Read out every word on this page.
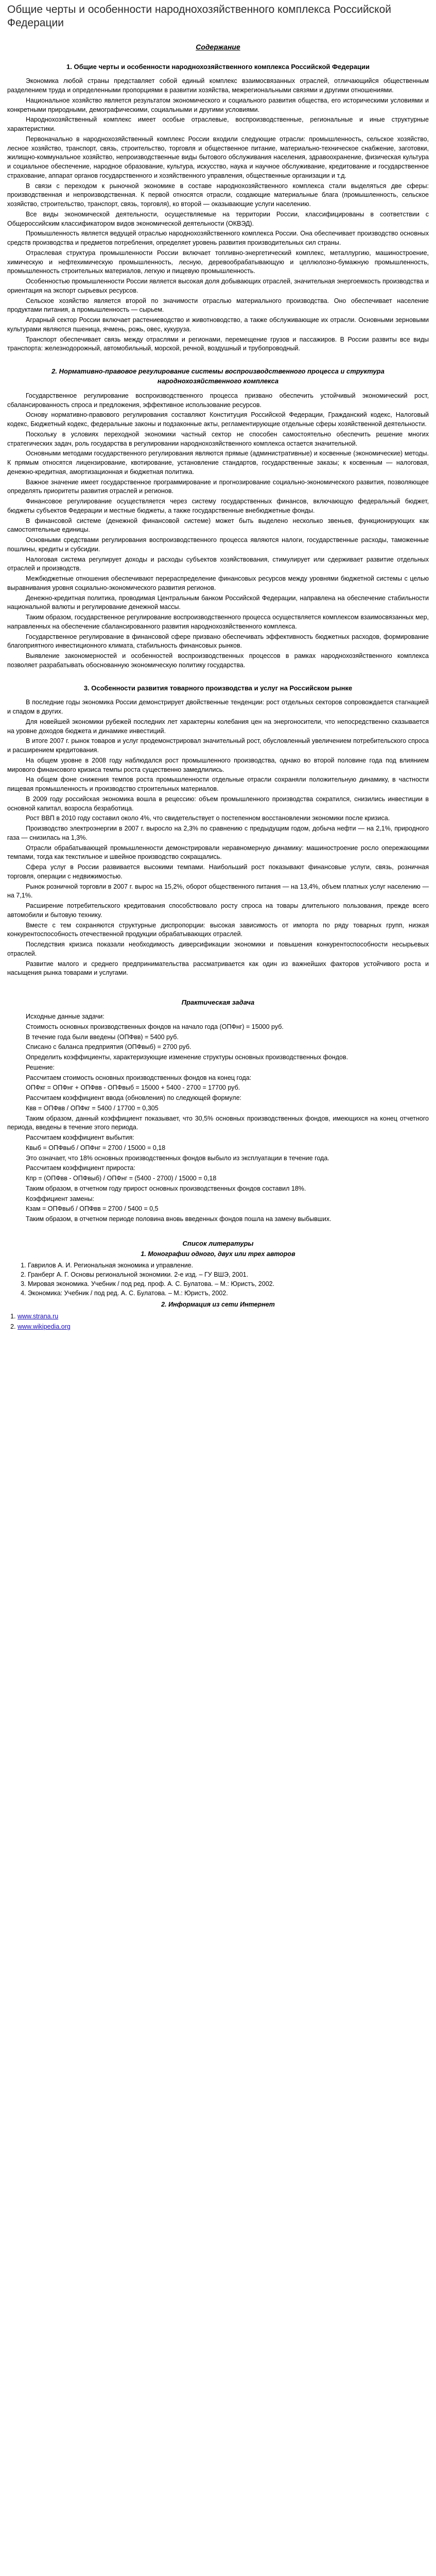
Общие черты и особенности народнохозяйственного комплекса Российской Федерации
Содержание
1. Общие черты и особенности народнохозяйственного комплекса Российской Федерации

Экономика любой страны представляет собой единый комплекс взаимосвязанных отраслей, отличающийся общественным разделением труда и определенными пропорциями в развитии хозяйства, межрегиональными связями и другими отношениями.

Национальное хозяйство является результатом экономического и социального развития общества, его историческими условиями и конкретными природными, демографическими, социальными и другими условиями.

Народнохозяйственный комплекс имеет особые отраслевые, воспроизводственные, региональные и иные структурные характеристики.

Первоначально в народнохозяйственный комплекс России входили следующие отрасли: промышленность, сельское хозяйство, лесное хозяйство, транспорт, связь, строительство, торговля и общественное питание, материально-техническое снабжение, заготовки, жилищно-коммунальное хозяйство, непроизводственные виды бытового обслуживания населения, здравоохранение, физическая культура и социальное обеспечение, народное образование, культура, искусство, наука и научное обслуживание, кредитование и государственное страхование, аппарат органов государственного и хозяйственного управления, общественные организации и т.д.

В связи с переходом к рыночной экономике в составе народнохозяйственного комплекса стали выделяться две сферы: производственная и непроизводственная. К первой относятся отрасли, создающие материальные блага (промышленность, сельское хозяйство, строительство, транспорт, связь, торговля), ко второй — оказывающие услуги населению.

Все виды экономической деятельности, осуществляемые на территории России, классифицированы в соответствии с Общероссийским классификатором видов экономической деятельности (ОКВЭД).

Промышленность является ведущей отраслью народнохозяйственного комплекса России. Она обеспечивает производство основных средств производства и предметов потребления, определяет уровень развития производительных сил страны.

Отраслевая структура промышленности России включает топливно-энергетический комплекс, металлургию, машиностроение, химическую и нефтехимическую промышленность, лесную, деревообрабатывающую и целлюлозно-бумажную промышленность, промышленность строительных материалов, легкую и пищевую промышленность.

Особенностью промышленности России является высокая доля добывающих отраслей, значительная энергоемкость производства и ориентация на экспорт сырьевых ресурсов.

Сельское хозяйство является второй по значимости отраслью материального производства. Оно обеспечивает население продуктами питания, а промышленность — сырьем.

Аграрный сектор России включает растениеводство и животноводство, а также обслуживающие их отрасли. Основными зерновыми культурами являются пшеница, ячмень, рожь, овес, кукуруза.

Транспорт обеспечивает связь между отраслями и регионами, перемещение грузов и пассажиров. В России развиты все виды транспорта: железнодорожный, автомобильный, морской, речной, воздушный и трубопроводный.

2. Нормативно-правовое регулирование системы воспроизводственного процесса и структура народнохозяйственного комплекса

Государственное регулирование воспроизводственного процесса призвано обеспечить устойчивый экономический рост, сбалансированность спроса и предложения, эффективное использование ресурсов.

Основу нормативно-правового регулирования составляют Конституция Российской Федерации, Гражданский кодекс, Налоговый кодекс, Бюджетный кодекс, федеральные законы и подзаконные акты, регламентирующие отдельные сферы хозяйственной деятельности.

Поскольку в условиях переходной экономики частный сектор не способен самостоятельно обеспечить решение многих стратегических задач, роль государства в регулировании народнохозяйственного комплекса остается значительной.

Основными методами государственного регулирования являются прямые (административные) и косвенные (экономические) методы. К прямым относятся лицензирование, квотирование, установление стандартов, государственные заказы; к косвенным — налоговая, денежно-кредитная, амортизационная и бюджетная политика.

Важное значение имеет государственное программирование и прогнозирование социально-экономического развития, позволяющее определять приоритеты развития отраслей и регионов.

Финансовое регулирование осуществляется через систему государственных финансов, включающую федеральный бюджет, бюджеты субъектов Федерации и местные бюджеты, а также государственные внебюджетные фонды.

В финансовой системе (денежной финансовой системе) может быть выделено несколько звеньев, функционирующих как самостоятельные единицы.

Основными средствами регулирования воспроизводственного процесса являются налоги, государственные расходы, таможенные пошлины, кредиты и субсидии.

Налоговая система регулирует доходы и расходы субъектов хозяйствования, стимулирует или сдерживает развитие отдельных отраслей и производств.

Межбюджетные отношения обеспечивают перераспределение финансовых ресурсов между уровнями бюджетной системы с целью выравнивания уровня социально-экономического развития регионов.

Денежно-кредитная политика, проводимая Центральным банком Российской Федерации, направлена на обеспечение стабильности национальной валюты и регулирование денежной массы.

Таким образом, государственное регулирование воспроизводственного процесса осуществляется комплексом взаимосвязанных мер, направленных на обеспечение сбалансированного развития народнохозяйственного комплекса.

Государственное регулирование в финансовой сфере призвано обеспечивать эффективность бюджетных расходов, формирование благоприятного инвестиционного климата, стабильность финансовых рынков.

Выявление закономерностей и особенностей воспроизводственных процессов в рамках народнохозяйственного комплекса позволяет разрабатывать обоснованную экономическую политику государства.

3. Особенности развития товарного производства и услуг на Российском рынке

В последние годы экономика России демонстрирует двойственные тенденции: рост отдельных секторов сопровождается стагнацией и спадом в других.

Для новейшей экономики рубежей последних лет характерны колебания цен на энергоносители, что непосредственно сказывается на уровне доходов бюджета и динамике инвестиций.

В итоге 2007 г. рынок товаров и услуг продемонстрировал значительный рост, обусловленный увеличением потребительского спроса и расширением кредитования.

На общем уровне в 2008 году наблюдался рост промышленного производства, однако во второй половине года под влиянием мирового финансового кризиса темпы роста существенно замедлились.

На общем фоне снижения темпов роста промышленности отдельные отрасли сохраняли положительную динамику, в частности пищевая промышленность и производство строительных материалов.

В 2009 году российская экономика вошла в рецессию: объем промышленного производства сократился, снизились инвестиции в основной капитал, возросла безработица.

Рост ВВП в 2010 году составил около 4%, что свидетельствует о постепенном восстановлении экономики после кризиса.

Производство электроэнергии в 2007 г. выросло на 2,3% по сравнению с предыдущим годом, добыча нефти — на 2,1%, природного газа — снизилась на 1,3%.

Отрасли обрабатывающей промышленности демонстрировали неравномерную динамику: машиностроение росло опережающими темпами, тогда как текстильное и швейное производство сокращались.

Сфера услуг в России развивается высокими темпами. Наибольший рост показывают финансовые услуги, связь, розничная торговля, операции с недвижимостью.

Рынок розничной торговли в 2007 г. вырос на 15,2%, оборот общественного питания — на 13,4%, объем платных услуг населению — на 7,1%.

Расширение потребительского кредитования способствовало росту спроса на товары длительного пользования, прежде всего автомобили и бытовую технику.

Вместе с тем сохраняются структурные диспропорции: высокая зависимость от импорта по ряду товарных групп, низкая конкурентоспособность отечественной продукции обрабатывающих отраслей.

Последствия кризиса показали необходимость диверсификации экономики и повышения конкурентоспособности несырьевых отраслей.

Развитие малого и среднего предпринимательства рассматривается как один из важнейших факторов устойчивого роста и насыщения рынка товарами и услугами.

Практическая задача

Исходные данные задачи:

Стоимость основных производственных фондов на начало года (ОПФнг) = 15000 руб.

В течение года были введены (ОПФвв) = 5400 руб.

Списано с баланса предприятия (ОПФвыб) = 2700 руб.

Определить коэффициенты, характеризующие изменение структуры основных производственных фондов.

Решение:

Рассчитаем стоимость основных производственных фондов на конец года:

ОПФкг = ОПФнг + ОПФвв - ОПФвыб = 15000 + 5400 - 2700 = 17700 руб.

Рассчитаем коэффициент ввода (обновления) по следующей формуле:

Квв = ОПФвв / ОПФкг = 5400 / 17700 = 0,305

Таким образом, данный коэффициент показывает, что 30,5% основных производственных фондов, имеющихся на конец отчетного периода, введены в течение этого периода.

Рассчитаем коэффициент выбытия:

Квыб = ОПФвыб / ОПФнг = 2700 / 15000 = 0,18

Это означает, что 18% основных производственных фондов выбыло из эксплуатации в течение года.

Рассчитаем коэффициент прироста:

Кпр = (ОПФвв - ОПФвыб) / ОПФнг = (5400 - 2700) / 15000 = 0,18

Таким образом, в отчетном году прирост основных производственных фондов составил 18%.

Коэффициент замены:

Кзам = ОПФвыб / ОПФвв = 2700 / 5400 = 0,5

Таким образом, в отчетном периоде половина вновь введенных фондов пошла на замену выбывших.

Список литературы
1. Монографии одного, двух или трех авторов
1. Гаврилов А. И. Региональная экономика и управление.
2. Гранберг А. Г. Основы региональной экономики. 2-е изд. – ГУ ВШЭ, 2001.
3. Мировая экономика. Учебник / под ред. проф. А. С. Булатова. – М.: Юристъ, 2002.
4. Экономика: Учебник / под ред. А. С. Булатова. – М.: Юристъ, 2002.
2. Информация из сети Интернет
1. www.strana.ru
2. www.wikipedia.org
